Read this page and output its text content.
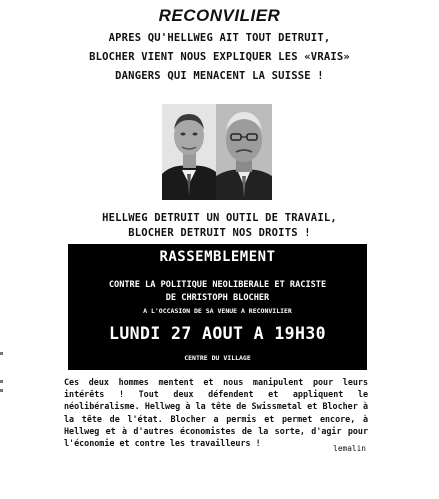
RECONVILIER
APRES QU'HELLWEG AIT TOUT DETRUIT,
BLOCHER VIENT NOUS EXPLIQUER LES «VRAIS»
DANGERS QUI MENACENT LA SUISSE !
HELLWEG DETRUIT UN OUTIL DE TRAVAIL,
BLOCHER DETRUIT NOS DROITS !
RASSEMBLEMENT
CONTRE LA POLITIQUE NEOLIBERALE ET RACISTE
DE CHRISTOPH BLOCHER
A L'OCCASION DE SA VENUE A RECONVILIER
LUNDI 27 AOUT A 19H30
CENTRE DU VILLAGE
Ces deux hommes mentent et nous manipulent pour leurs intérêts ! Tout deux défendent et appliquent le néolibéralisme. Hellweg à la tête de Swissmetal et Blocher à la tête de l'état. Blocher a permis et permet encore, à Hellweg et à d'autres économistes de la sorte, d'agir pour l'économie et contre les travailleurs !
lemalin
